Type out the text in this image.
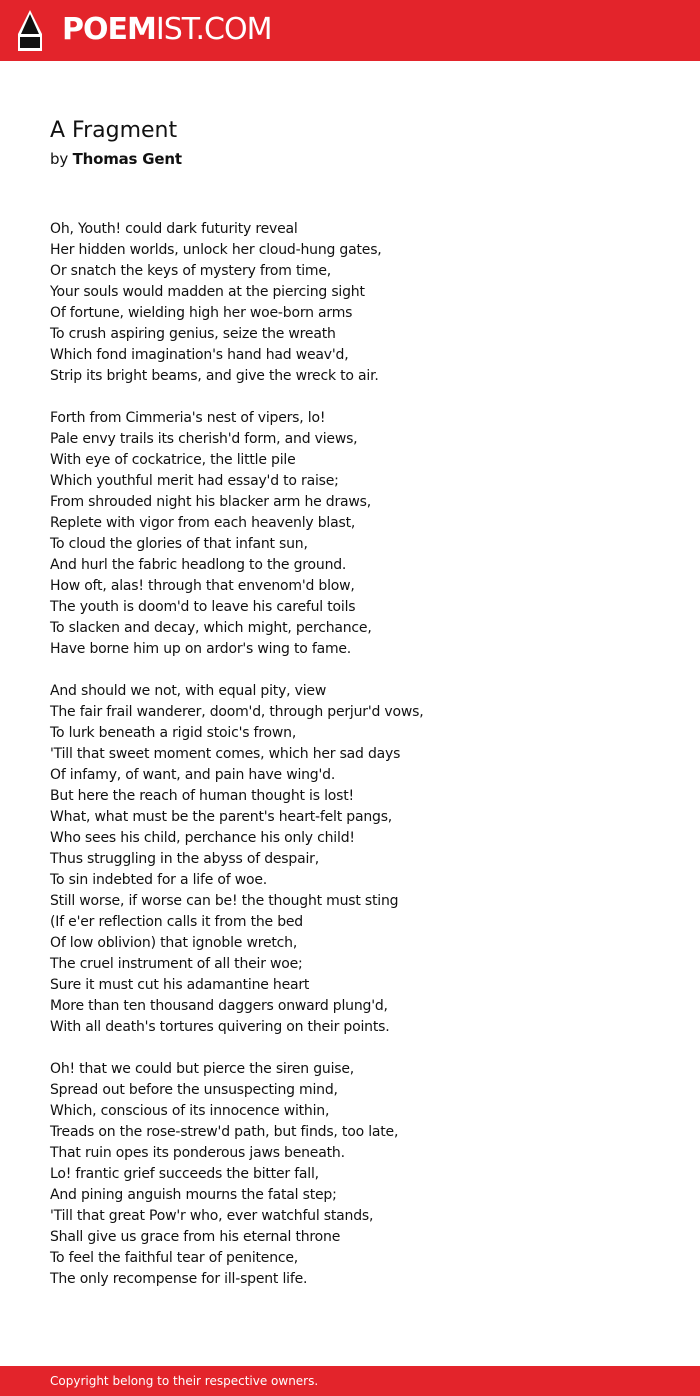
POEMIST.COM
A Fragment
by Thomas Gent
Oh, Youth! could dark futurity reveal
Her hidden worlds, unlock her cloud-hung gates,
Or snatch the keys of mystery from time,
Your souls would madden at the piercing sight
Of fortune, wielding high her woe-born arms
To crush aspiring genius, seize the wreath
Which fond imagination's hand had weav'd,
Strip its bright beams, and give the wreck to air.
Forth from Cimmeria's nest of vipers, lo!
Pale envy trails its cherish'd form, and views,
With eye of cockatrice, the little pile
Which youthful merit had essay'd to raise;
From shrouded night his blacker arm he draws,
Replete with vigor from each heavenly blast,
To cloud the glories of that infant sun,
And hurl the fabric headlong to the ground.
How oft, alas! through that envenom'd blow,
The youth is doom'd to leave his careful toils
To slacken and decay, which might, perchance,
Have borne him up on ardor's wing to fame.
And should we not, with equal pity, view
The fair frail wanderer, doom'd, through perjur'd vows,
To lurk beneath a rigid stoic's frown,
'Till that sweet moment comes, which her sad days
Of infamy, of want, and pain have wing'd.
But here the reach of human thought is lost!
What, what must be the parent's heart-felt pangs,
Who sees his child, perchance his only child!
Thus struggling in the abyss of despair,
To sin indebted for a life of woe.
Still worse, if worse can be! the thought must sting
(If e'er reflection calls it from the bed
Of low oblivion) that ignoble wretch,
The cruel instrument of all their woe;
Sure it must cut his adamantine heart
More than ten thousand daggers onward plung'd,
With all death's tortures quivering on their points.
Oh! that we could but pierce the siren guise,
Spread out before the unsuspecting mind,
Which, conscious of its innocence within,
Treads on the rose-strew'd path, but finds, too late,
That ruin opes its ponderous jaws beneath.
Lo! frantic grief succeeds the bitter fall,
And pining anguish mourns the fatal step;
'Till that great Pow'r who, ever watchful stands,
Shall give us grace from his eternal throne
To feel the faithful tear of penitence,
The only recompense for ill-spent life.
Copyright belong to their respective owners.
